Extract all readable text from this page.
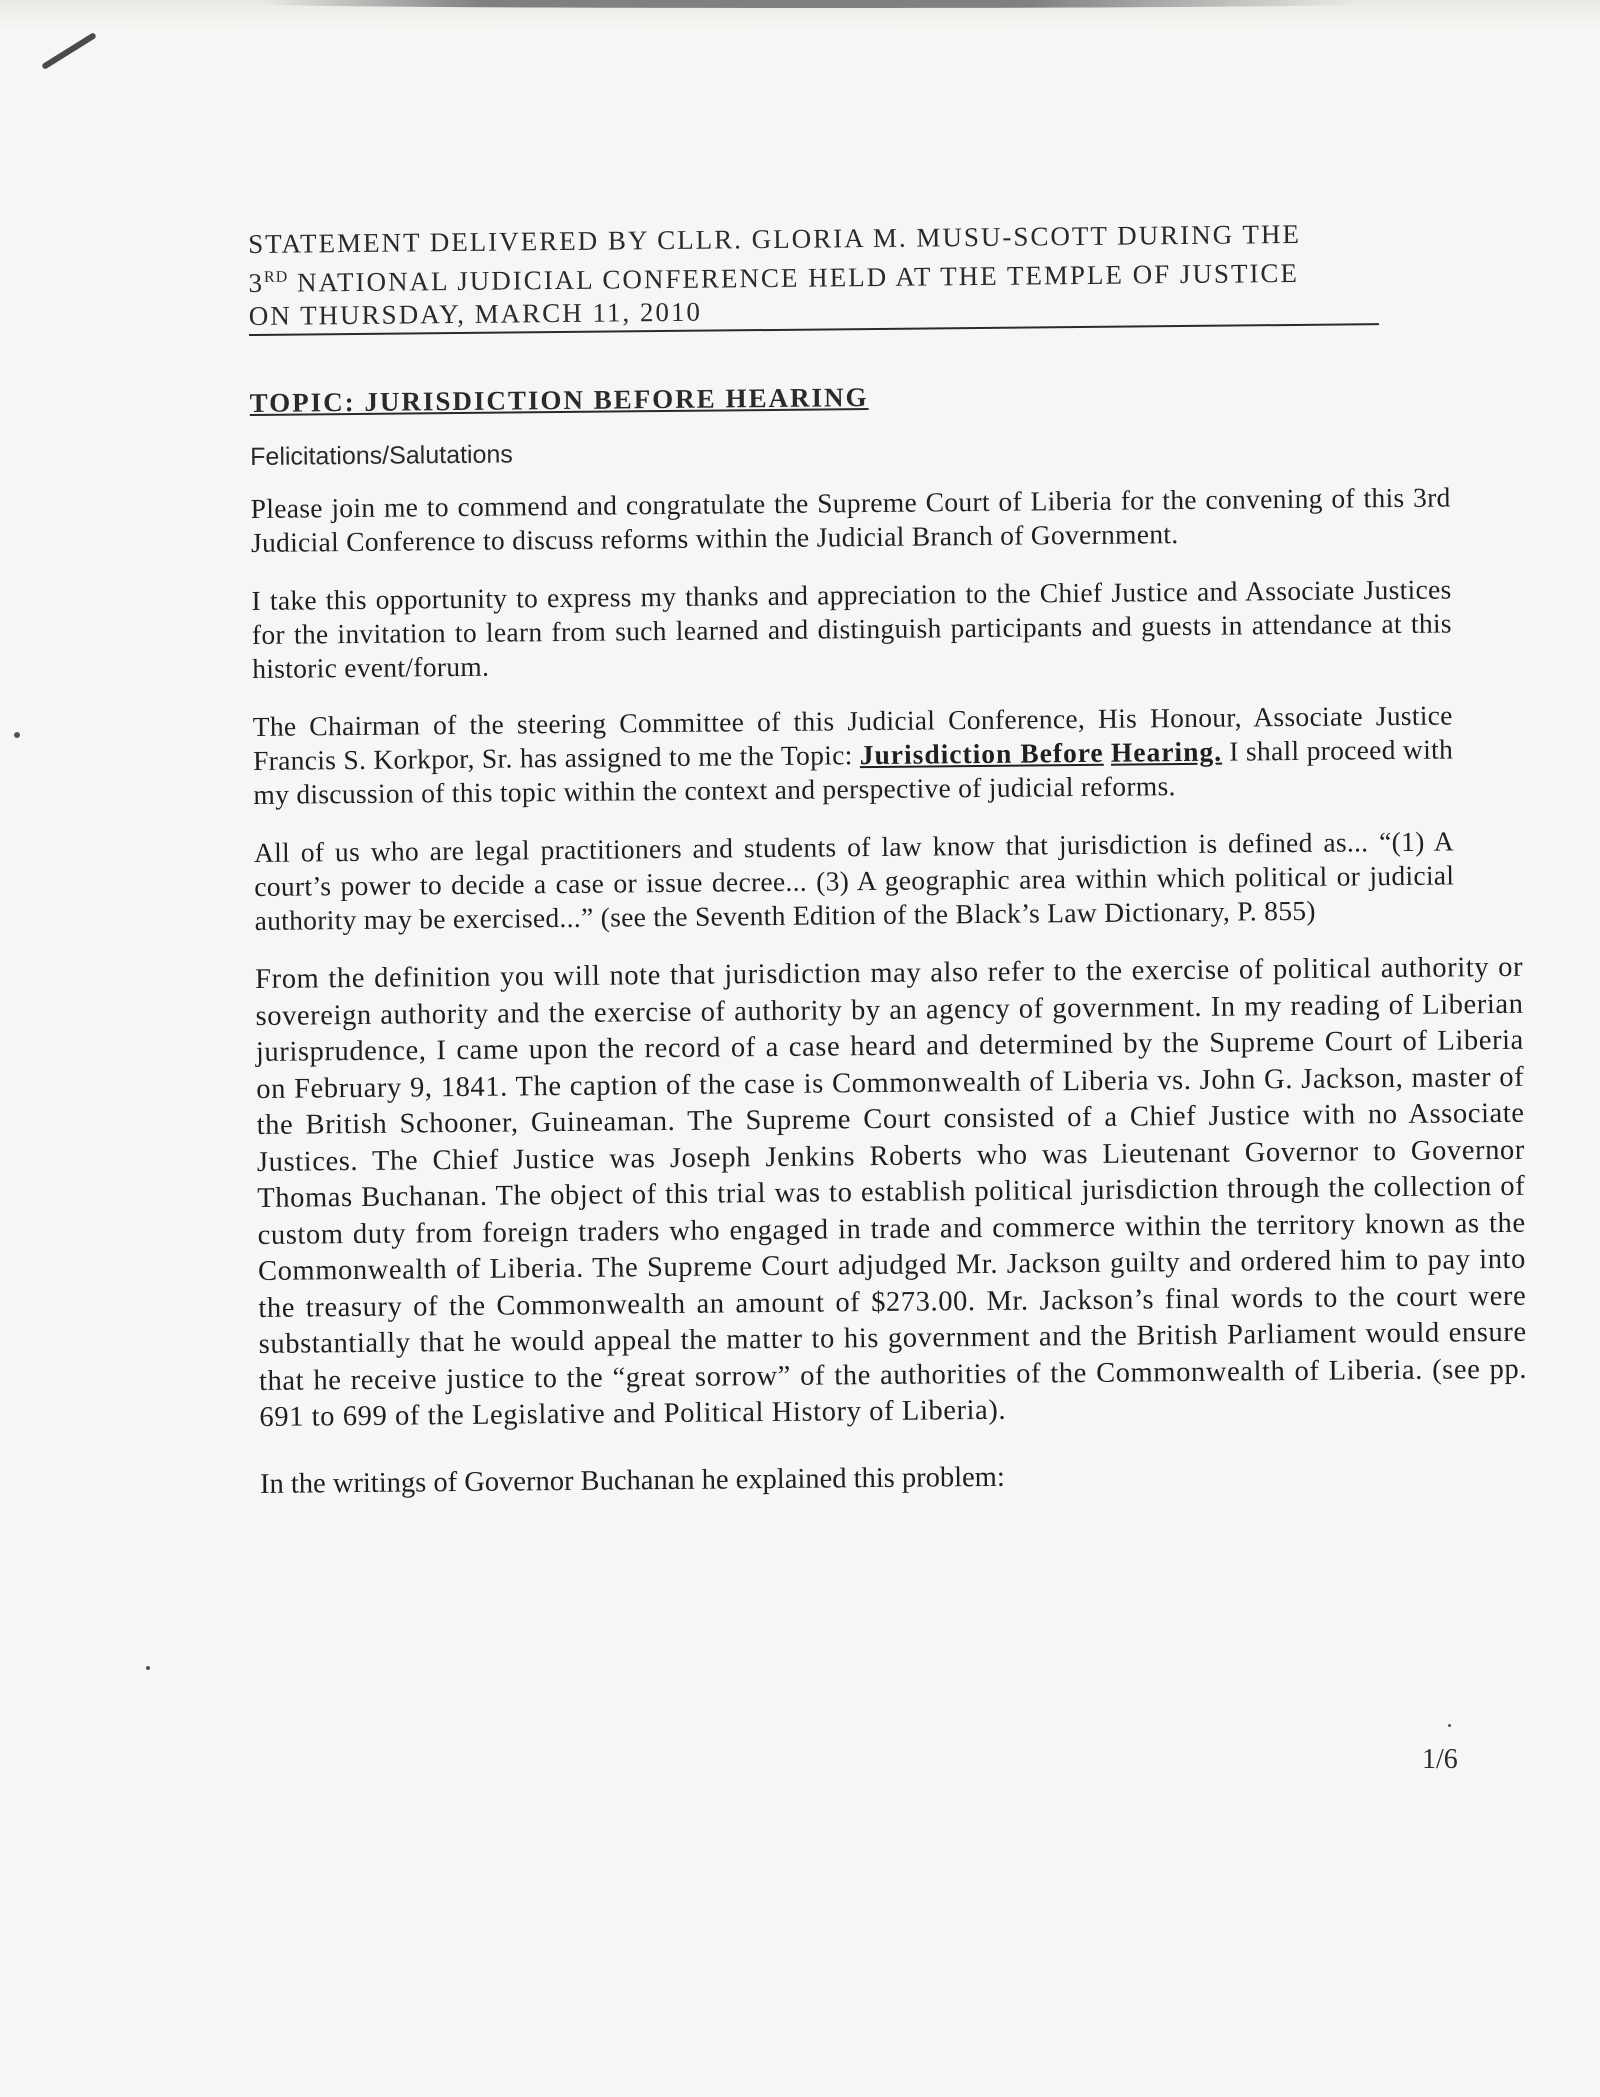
STATEMENT DELIVERED BY CLLR. GLORIA M. MUSU-SCOTT DURING THE
3RD NATIONAL JUDICIAL CONFERENCE HELD AT THE TEMPLE OF JUSTICE
ON THURSDAY, MARCH 11, 2010
TOPIC: JURISDICTION BEFORE HEARING
Felicitations/Salutations

Please join me to commend and congratulate the Supreme Court of Liberia for the convening of this 3rd Judicial Conference to discuss reforms within the Judicial Branch of Government.

I take this opportunity to express my thanks and appreciation to the Chief Justice and Associate Justices for the invitation to learn from such learned and distinguish participants and guests in attendance at this historic event/forum.

The Chairman of the steering Committee of this Judicial Conference, His Honour, Associate Justice Francis S. Korkpor, Sr. has assigned to me the Topic: Jurisdiction Before Hearing. I shall proceed with my discussion of this topic within the context and perspective of judicial reforms.

All of us who are legal practitioners and students of law know that jurisdiction is defined as... “(1) A court’s power to decide a case or issue decree... (3) A geographic area within which political or judicial authority may be exercised...” (see the Seventh Edition of the Black’s Law Dictionary, P. 855)

From the definition you will note that jurisdiction may also refer to the exercise of political authority or sovereign authority and the exercise of authority by an agency of government. In my reading of Liberian jurisprudence, I came upon the record of a case heard and determined by the Supreme Court of Liberia on February 9, 1841. The caption of the case is Commonwealth of Liberia vs. John G. Jackson, master of the British Schooner, Guineaman. The Supreme Court consisted of a Chief Justice with no Associate Justices. The Chief Justice was Joseph Jenkins Roberts who was Lieutenant Governor to Governor Thomas Buchanan. The object of this trial was to establish political jurisdiction through the collection of custom duty from foreign traders who engaged in trade and commerce within the territory known as the Commonwealth of Liberia. The Supreme Court adjudged Mr. Jackson guilty and ordered him to pay into the treasury of the Commonwealth an amount of $273.00. Mr. Jackson’s final words to the court were substantially that he would appeal the matter to his government and the British Parliament would ensure that he receive justice to the “great sorrow” of the authorities of the Commonwealth of Liberia. (see pp. 691 to 699 of the Legislative and Political History of Liberia).

In the writings of Governor Buchanan he explained this problem:
1/6
